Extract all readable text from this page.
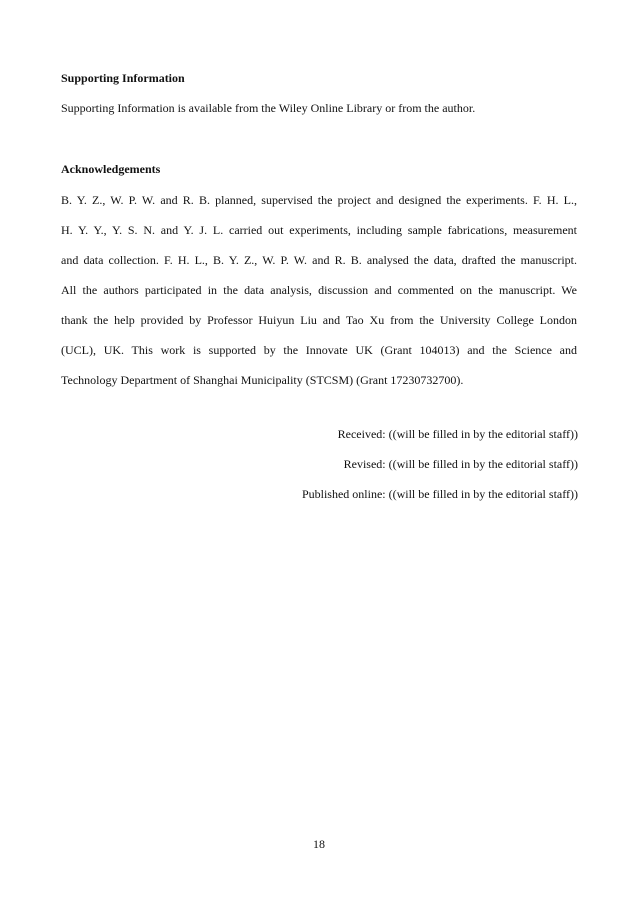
Supporting Information
Supporting Information is available from the Wiley Online Library or from the author.
Acknowledgements
B. Y. Z., W. P. W. and R. B. planned, supervised the project and designed the experiments. F. H. L.,
H. Y. Y., Y. S. N. and Y. J. L. carried out experiments, including sample fabrications, measurement
and data collection. F. H. L., B. Y. Z., W. P. W. and R. B. analysed the data, drafted the manuscript.
All the authors participated in the data analysis, discussion and commented on the manuscript. We
thank the help provided by Professor Huiyun Liu and Tao Xu from the University College London
(UCL), UK. This work is supported by the Innovate UK (Grant 104013) and the Science and
Technology Department of Shanghai Municipality (STCSM) (Grant 17230732700).
Received: ((will be filled in by the editorial staff))
Revised: ((will be filled in by the editorial staff))
Published online: ((will be filled in by the editorial staff))
18
